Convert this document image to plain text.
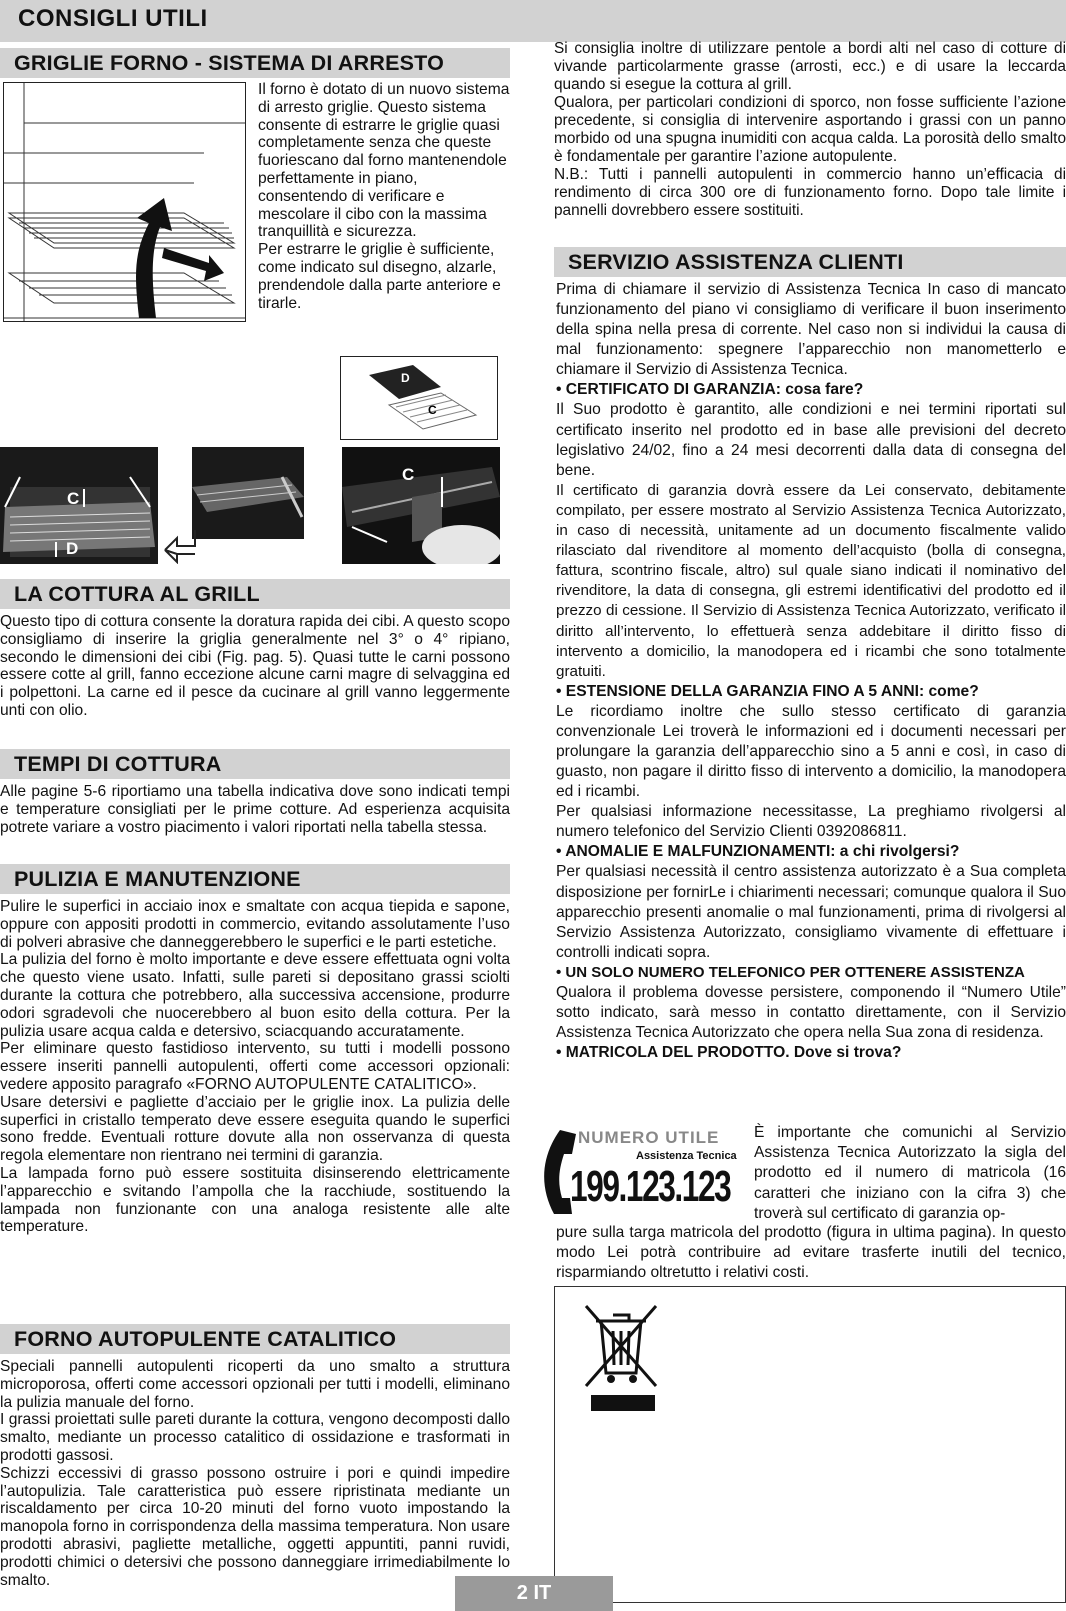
CONSIGLI UTILI
GRIGLIE FORNO - SISTEMA DI ARRESTO

Il forno è dotato di un nuovo sistema di arresto griglie. Questo sistema consente di estrarre le griglie quasi completamente senza che queste fuoriescano dal forno mantenendole perfettamente in piano, consentendo di verificare e mescolare il cibo con la massima tranquillità e sicurezza.

Per estrarre le griglie è sufficiente, come indicato sul disegno, alzarle, prendendole dalla parte anteriore e tirarle.

D
C
C
D
C
LA COTTURA AL GRILL

Questo tipo di cottura consente la doratura rapida dei cibi. A questo scopo consigliamo di inserire la griglia generalmente nel 3° o 4° ripiano, secondo le dimensioni dei cibi (Fig. pag. 5). Quasi tutte le carni possono essere cotte al grill, fanno eccezione alcune carni magre di selvaggina ed i polpettoni. La carne ed il pesce da cucinare al grill vanno leggermente unti con olio.

TEMPI DI COTTURA

Alle pagine 5-6 riportiamo una tabella indicativa dove sono indicati tempi e temperature consigliati per le prime cotture. Ad esperienza acquisita potrete variare a vostro piacimento i valori riportati nella tabella stessa.

PULIZIA E MANUTENZIONE

Pulire le superfici in acciaio inox e smaltate con acqua tiepida e sapone, oppure con appositi prodotti in commercio, evitando assolutamente l’uso di polveri abrasive che danneggerebbero le superfici e le parti estetiche.

La pulizia del forno è molto importante e deve essere effettuata ogni volta che questo viene usato. Infatti, sulle pareti si depositano grassi sciolti durante la cottura che potrebbero, alla successiva accensione, produrre odori sgradevoli che nuocerebbero al buon esito della cottura. Per la pulizia usare acqua calda e detersivo, sciacquando accuratamente.

Per eliminare questo fastidioso intervento, su tutti i modelli possono essere inseriti pannelli autopulenti, offerti come accessori opzionali: vedere apposito paragrafo «FORNO AUTOPULENTE CATALITICO».

Usare detersivi e pagliette d’acciaio per le griglie inox. La pulizia delle superfici in cristallo temperato deve essere eseguita quando le superfici sono fredde. Eventuali rotture dovute alla non osservanza di questa regola elementare non rientrano nei termini di garanzia.

La lampada forno può essere sostituita disinserendo elettricamente l’apparecchio e svitando l’ampolla che la racchiude, sostituendo la lampada non funzionante con una analoga resistente alle alte temperature.

FORNO AUTOPULENTE CATALITICO

Speciali pannelli autopulenti ricoperti da uno smalto a struttura microporosa, offerti come accessori opzionali per tutti i modelli, eliminano la pulizia manuale del forno.

I grassi proiettati sulle pareti durante la cottura, vengono decomposti dallo smalto, mediante un processo catalitico di ossidazione e trasformati in prodotti gassosi.

Schizzi eccessivi di grasso possono ostruire i pori e quindi impedire l’autopulizia. Tale caratteristica può essere ripristinata mediante un riscaldamento per circa 10-20 minuti del forno vuoto impostando la manopola forno in corrispondenza della massima temperatura. Non usare prodotti abrasivi, pagliette metalliche, oggetti appuntiti, panni ruvidi, prodotti chimici o detersivi che possono danneggiare irrimediabilmente lo smalto.

Si consiglia inoltre di utilizzare pentole a bordi alti nel caso di cotture di vivande particolarmente grasse (arrosti, ecc.) e di usare la leccarda quando si esegue la cottura al grill.

Qualora, per particolari condizioni di sporco, non fosse sufficiente l’azione precedente, si consiglia di intervenire asportando i grassi con un panno morbido od una spugna inumiditi con acqua calda. La porosità dello smalto è fondamentale per garantire l’azione autopulente.

N.B.: Tutti i pannelli autopulenti in commercio hanno un’efficacia di rendimento di circa 300 ore di funzionamento forno. Dopo tale limite i pannelli dovrebbero essere sostituiti.

SERVIZIO ASSISTENZA CLIENTI

Prima di chiamare il servizio di Assistenza Tecnica In caso di mancato funzionamento del piano vi consigliamo di verificare il buon inserimento della spina nella presa di corrente. Nel caso non si individui la causa di mal funzionamento: spegnere l’apparecchio non manometterlo e chiamare il Servizio di Assistenza Tecnica.

• CERTIFICATO DI GARANZIA: cosa fare?

Il Suo prodotto è garantito, alle condizioni e nei termini riportati sul certificato inserito nel prodotto ed in base alle previsioni del decreto legislativo 24/02, fino a 24 mesi decorrenti dalla data di consegna del bene.

Il certificato di garanzia dovrà essere da Lei conservato, debitamente compilato, per essere mostrato al Servizio Assistenza Tecnica Autorizzato, in caso di necessità, unitamente ad un documento fiscalmente valido rilasciato dal rivenditore al momento dell’acquisto (bolla di consegna, fattura, scontrino fiscale, altro) sul quale siano indicati il nominativo del rivenditore, la data di consegna, gli estremi identificativi del prodotto ed il prezzo di cessione. Il Servizio di Assistenza Tecnica Autorizzato, verificato il diritto all’intervento, lo effettuerà senza addebitare il diritto fisso di intervento a domicilio, la manodopera ed i ricambi che sono totalmente gratuiti.

• ESTENSIONE DELLA GARANZIA FINO A 5 ANNI: come?

Le ricordiamo inoltre che sullo stesso certificato di garanzia convenzionale Lei troverà le informazioni ed i documenti necessari per prolungare la garanzia dell’apparecchio sino a 5 anni e così, in caso di guasto, non pagare il diritto fisso di intervento a domicilio, la manodopera ed i ricambi.

Per qualsiasi informazione necessitasse, La preghiamo rivolgersi al numero telefonico del Servizio Clienti 0392086811.

• ANOMALIE E MALFUNZIONAMENTI: a chi rivolgersi?

Per qualsiasi necessità il centro assistenza autorizzato è a Sua completa disposizione per fornirLe i chiarimenti necessari; comunque qualora il Suo apparecchio presenti anomalie o mal funzionamenti, prima di rivolgersi al Servizio Assistenza Autorizzato, consigliamo vivamente di effettuare i controlli indicati sopra.

• UN SOLO NUMERO TELEFONICO PER OTTENERE ASSISTENZA

Qualora il problema dovesse persistere, componendo il “Numero Utile” sotto indicato, sarà messo in contatto direttamente, con il Servizio Assistenza Tecnica Autorizzato che opera nella Sua zona di residenza.

• MATRICOLA DEL PRODOTTO. Dove si trova?

NUMERO UTILE
Assistenza Tecnica
199.123.123

È importante che comunichi al Servizio Assistenza Tecnica Autorizzato la sigla del prodotto ed il numero di matricola (16 caratteri che iniziano con la cifra 3) che troverà sul certificato di garanzia op-

pure sulla targa matricola del prodotto (figura in ultima pagina). In questo modo Lei potrà contribuire ad evitare trasferte inutili del tecnico, risparmiando oltretutto i relativi costi.

2 IT
